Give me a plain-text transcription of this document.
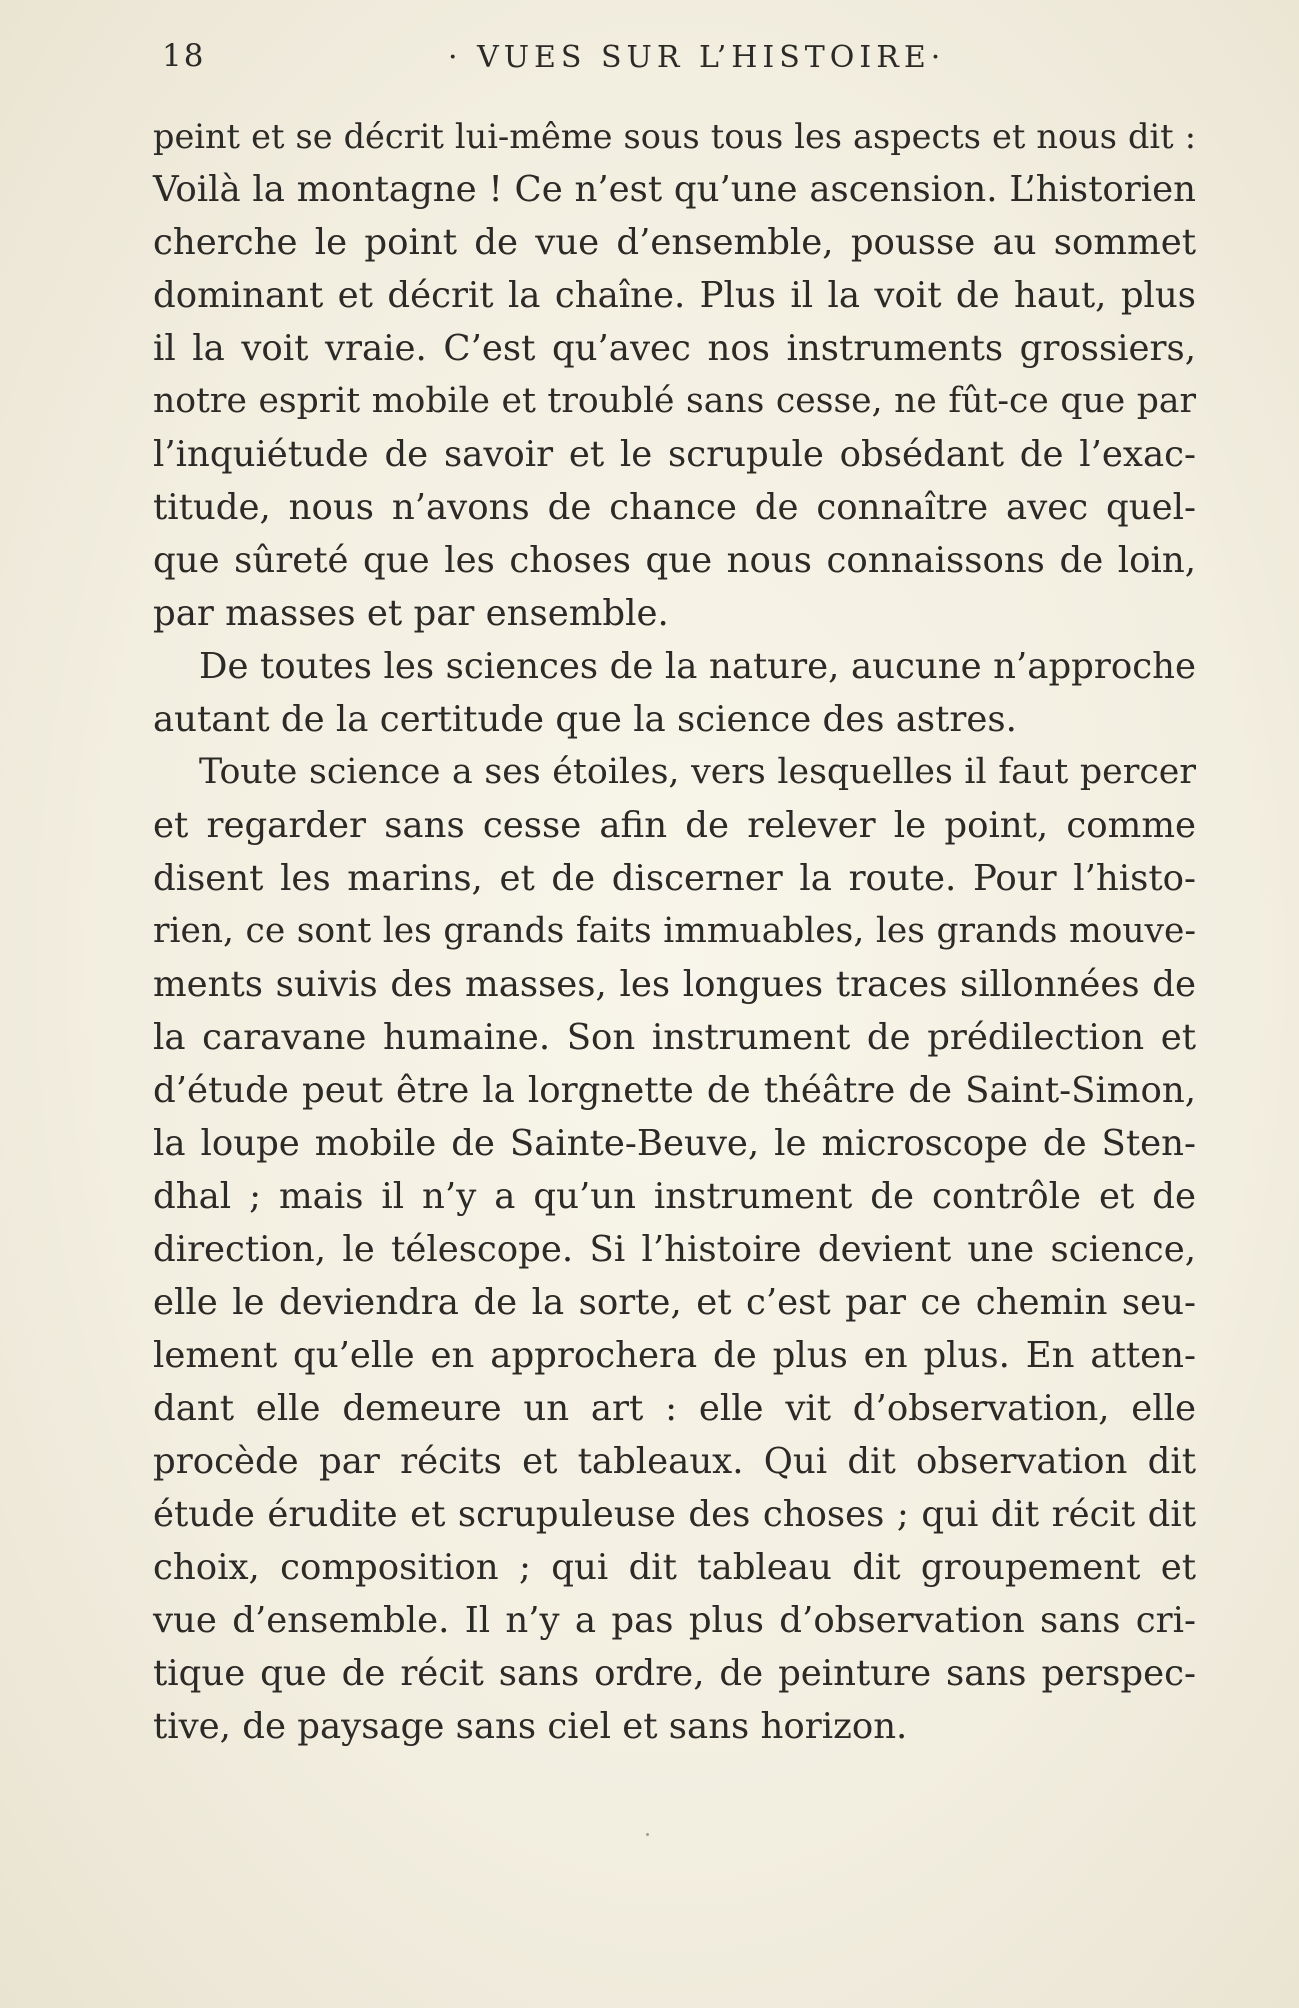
18	· VUES SUR L’HISTOIRE·
peint et se décrit lui-même sous tous les aspects et nous dit :
Voilà la montagne ! Ce n’est qu’une ascension. L’historien
cherche le point de vue d’ensemble, pousse au sommet
dominant et décrit la chaîne. Plus il la voit de haut, plus
il la voit vraie. C’est qu’avec nos instruments grossiers,
notre esprit mobile et troublé sans cesse, ne fût-ce que par
l’inquiétude de savoir et le scrupule obsédant de l’exac-
titude, nous n’avons de chance de connaître avec quel-
que sûreté que les choses que nous connaissons de loin,
par masses et par ensemble.
De toutes les sciences de la nature, aucune n’approche
autant de la certitude que la science des astres.
Toute science a ses étoiles, vers lesquelles il faut percer
et regarder sans cesse afin de relever le point, comme
disent les marins, et de discerner la route. Pour l’histo-
rien, ce sont les grands faits immuables, les grands mouve-
ments suivis des masses, les longues traces sillonnées de
la caravane humaine. Son instrument de prédilection et
d’étude peut être la lorgnette de théâtre de Saint-Simon,
la loupe mobile de Sainte-Beuve, le microscope de Sten-
dhal ; mais il n’y a qu’un instrument de contrôle et de
direction, le télescope. Si l’histoire devient une science,
elle le deviendra de la sorte, et c’est par ce chemin seu-
lement qu’elle en approchera de plus en plus. En atten-
dant elle demeure un art : elle vit d’observation, elle
procède par récits et tableaux. Qui dit observation dit
étude érudite et scrupuleuse des choses ; qui dit récit dit
choix, composition ; qui dit tableau dit groupement et
vue d’ensemble. Il n’y a pas plus d’observation sans cri-
tique que de récit sans ordre, de peinture sans perspec-
tive, de paysage sans ciel et sans horizon.
